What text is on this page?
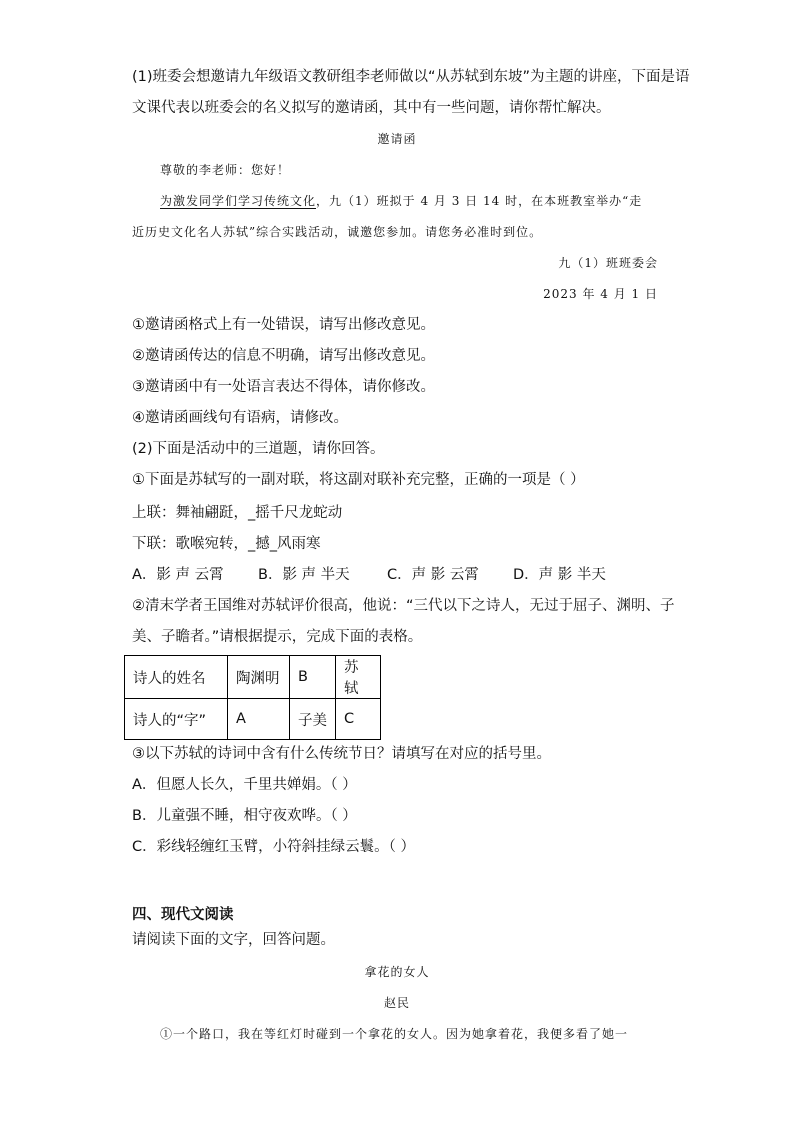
(1)班委会想邀请九年级语文教研组李老师做以“从苏轼到东坡”为主题的讲座，下面是语
文课代表以班委会的名义拟写的邀请函，其中有一些问题，请你帮忙解决。
邀请函
尊敬的李老师：您好！
为激发同学们学习传统文化，九（1）班拟于 4 月 3 日 14 时，在本班教室举办“走
近历史文化名人苏轼”综合实践活动，诚邀您参加。请您务必准时到位。
九（1）班班委会
2023 年 4 月 1 日
①邀请函格式上有一处错误，请写出修改意见。
②邀请函传达的信息不明确，请写出修改意见。
③邀请函中有一处语言表达不得体，请你修改。
④邀请函画线句有语病，请修改。
(2)下面是活动中的三道题，请你回答。
①下面是苏轼写的一副对联，将这副对联补充完整，正确的一项是（ ）
上联：舞袖翩跹，_摇千尺龙蛇动
下联：歌喉宛转，_撼_风雨寒
A．影 声 云霄 B．影 声 半天	C．声 影 云霄 D．声 影 半天
②清末学者王国维对苏轼评价很高，他说：“三代以下之诗人，无过于屈子、渊明、子
美、子瞻者。”请根据提示，完成下面的表格。
诗人的姓名	陶渊明	B	苏轼
诗人的“字”	A	子美	C
③以下苏轼的诗词中含有什么传统节日？请填写在对应的括号里。
A．但愿人长久，千里共婵娟。（ ）
B．儿童强不睡，相守夜欢哗。（ ）
C．彩线轻缠红玉臂，小符斜挂绿云鬟。（ ）
四、现代文阅读
请阅读下面的文字，回答问题。
拿花的女人
赵民
①一个路口，我在等红灯时碰到一个拿花的女人。因为她拿着花，我便多看了她一
